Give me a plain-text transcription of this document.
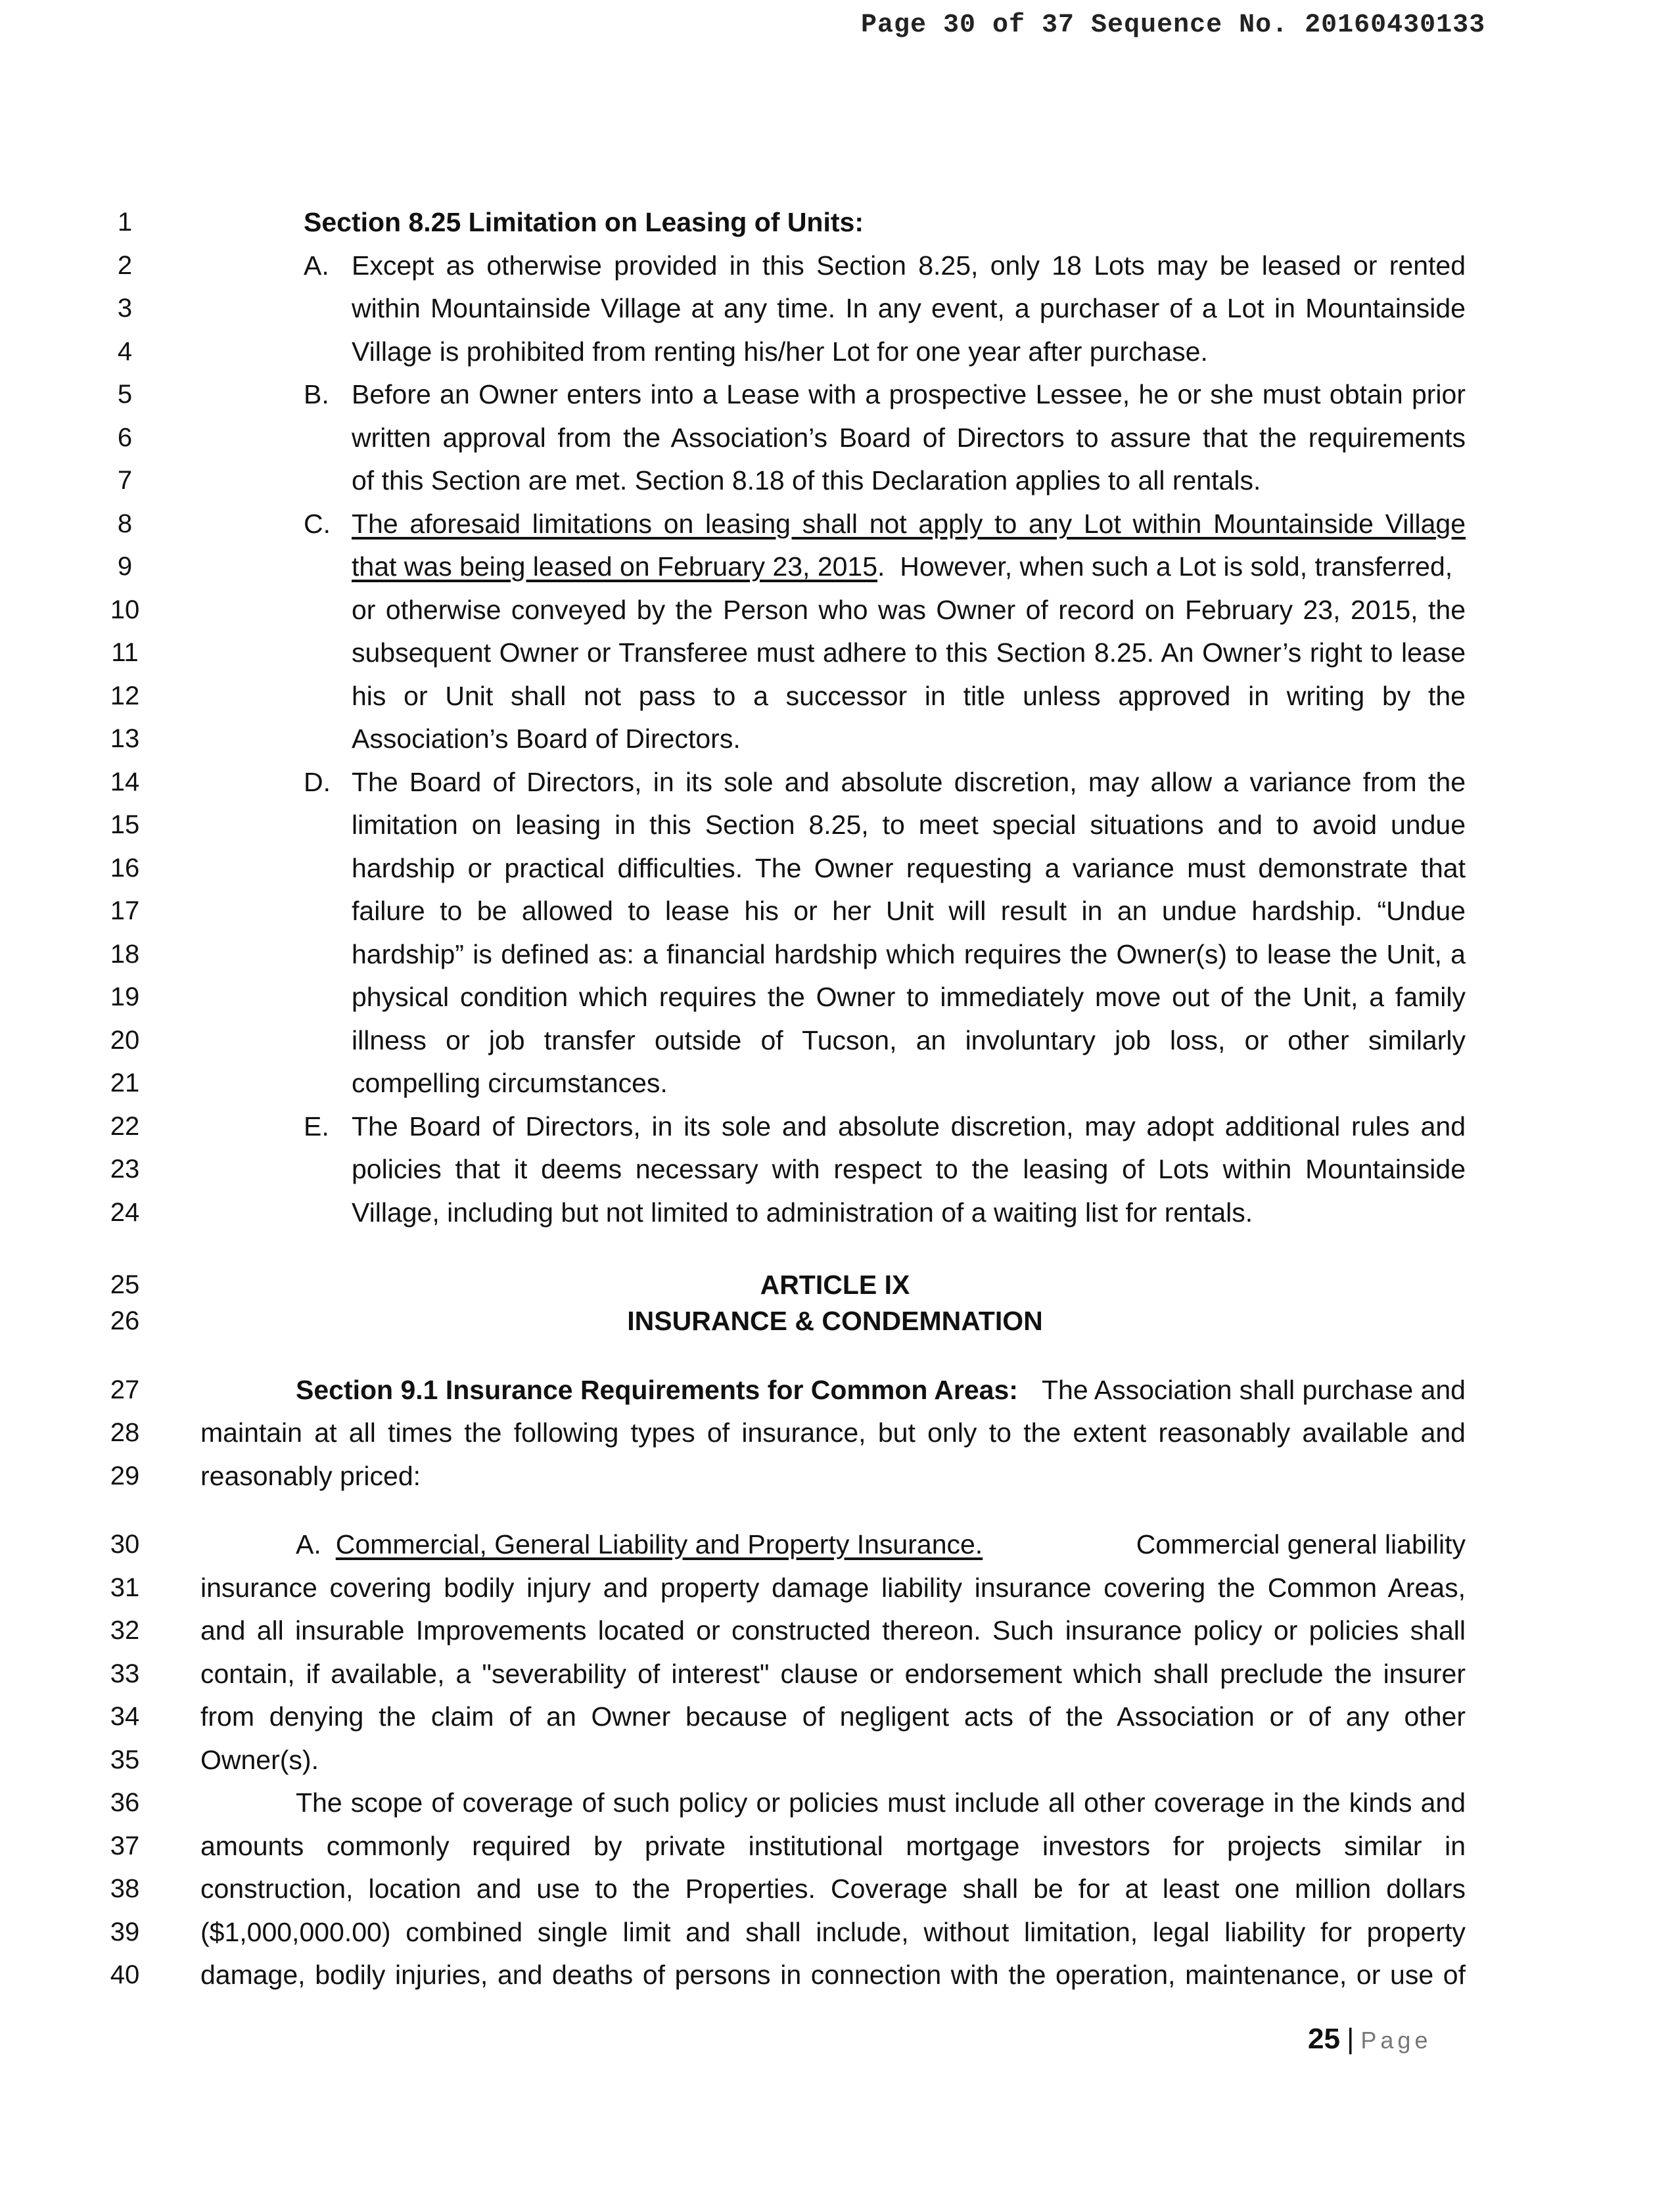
Page 30 of 37 Sequence No. 20160430133
1
2
3
4
5
6
7
8
9
10
11
12
13
14
15
16
17
18
19
20
21
22
23
24
25
26
27
28
29
30
31
32
33
34
35
36
37
38
39
40
Section 8.25 Limitation on Leasing of Units:
A. Except as otherwise provided in this Section 8.25, only 18 Lots may be leased or rented
within Mountainside Village at any time. In any event, a purchaser of a Lot in Mountainside
Village is prohibited from renting his/her Lot for one year after purchase.
B. Before an Owner enters into a Lease with a prospective Lessee, he or she must obtain prior
written approval from the Association’s Board of Directors to assure that the requirements
of this Section are met. Section 8.18 of this Declaration applies to all rentals.
C. The aforesaid limitations on leasing shall not apply to any Lot within Mountainside Village
that was being leased on February 23, 2015 .  However, when such a Lot is sold, transferred,
or otherwise conveyed by the Person who was Owner of record on February 23, 2015, the
subsequent Owner or Transferee must adhere to this Section 8.25. An Owner’s right to lease
his or Unit shall not pass to a successor in title unless approved in writing by the
Association’s Board of Directors.
D. The Board of Directors, in its sole and absolute discretion, may allow a variance from the
limitation on leasing in this Section 8.25, to meet special situations and to avoid undue
hardship or practical difficulties. The Owner requesting a variance must demonstrate that
failure to be allowed to lease his or her Unit will result in an undue hardship. “Undue
hardship” is defined as: a financial hardship which requires the Owner(s) to lease the Unit, a
physical condition which requires the Owner to immediately move out of the Unit, a family
illness or job transfer outside of Tucson, an involuntary job loss, or other similarly
compelling circumstances.
E. The Board of Directors, in its sole and absolute discretion, may adopt additional rules and
policies that it deems necessary with respect to the leasing of Lots within Mountainside
Village, including but not limited to administration of a waiting list for rentals.
ARTICLE IX
INSURANCE & CONDEMNATION
Section 9.1 Insurance Requirements for Common Areas: The Association shall purchase and
maintain at all times the following types of insurance, but only to the extent reasonably available and
reasonably priced:
A. Commercial, General Liability and Property Insurance.	Commercial general liability
insurance covering bodily injury and property damage liability insurance covering the Common Areas,
and all insurable Improvements located or constructed thereon. Such insurance policy or policies shall
contain, if available, a "severability of interest" clause or endorsement which shall preclude the insurer
from denying the claim of an Owner because of negligent acts of the Association or of any other
Owner(s).
The scope of coverage of such policy or policies must include all other coverage in the kinds and
amounts commonly required by private institutional mortgage investors for projects similar in
construction, location and use to the Properties. Coverage shall be for at least one million dollars
($1,000,000.00) combined single limit and shall include, without limitation, legal liability for property
damage, bodily injuries, and deaths of persons in connection with the operation, maintenance, or use of
25 | Page
